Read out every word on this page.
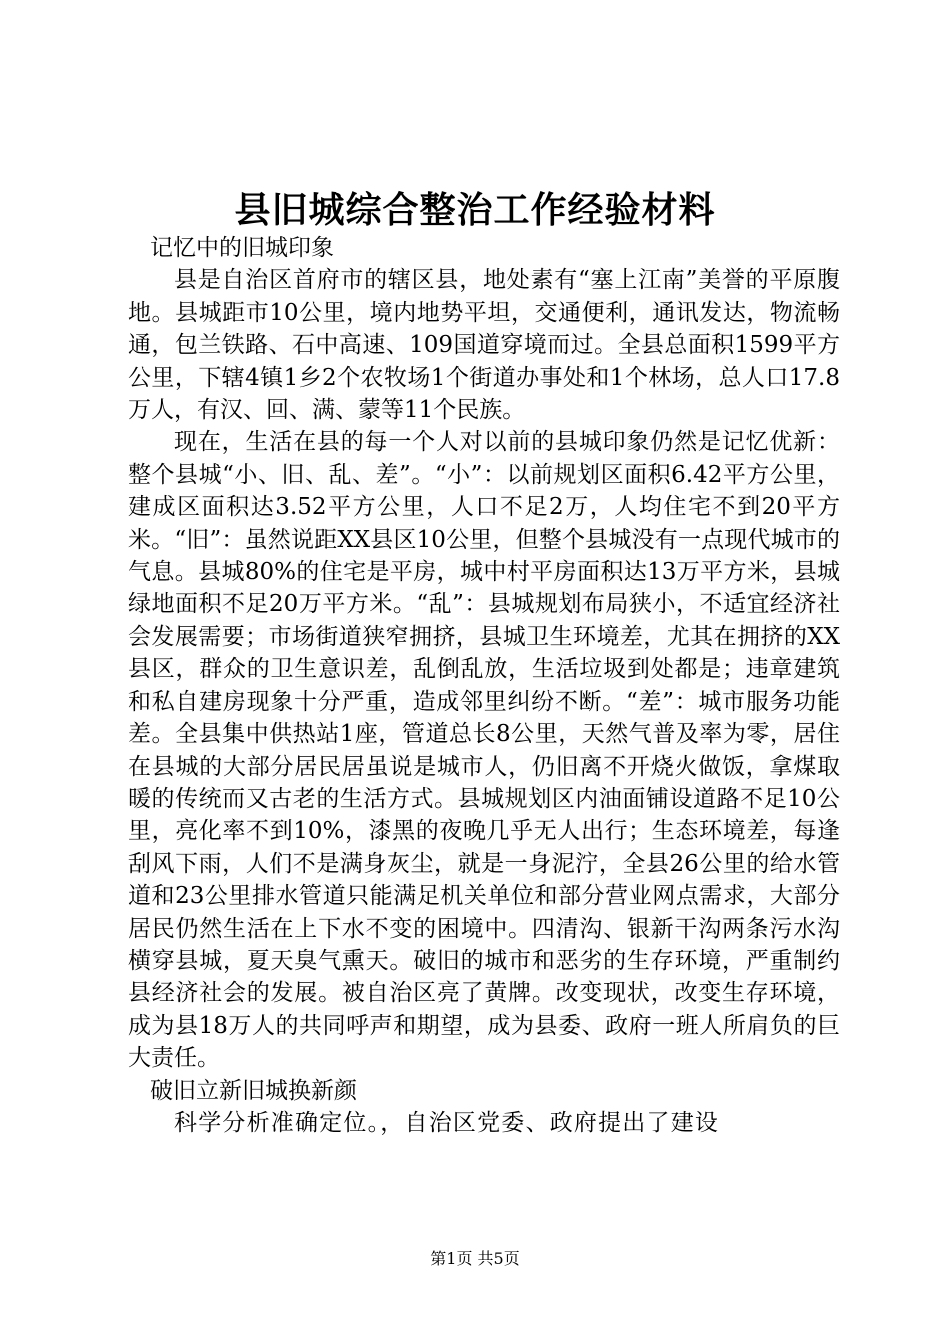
县旧城综合整治工作经验材料

记忆中的旧城印象

县是自治区首府市的辖区县，地处素有“塞上江南”美誉的平原腹地。县城距市10公里，境内地势平坦，交通便利，通讯发达，物流畅通，包兰铁路、石中高速、109国道穿境而过。全县总面积1599平方公里，下辖4镇1乡2个农牧场1个街道办事处和1个林场，总人口17.8万人，有汉、回、满、蒙等11个民族。

现在，生活在县的每一个人对以前的县城印象仍然是记忆优新：整个县城“小、旧、乱、差”。“小”：以前规划区面积6.42平方公里，建成区面积达3.52平方公里，人口不足2万，人均住宅不到20平方米。“旧”：虽然说距XX县区10公里，但整个县城没有一点现代城市的气息。县城80%的住宅是平房，城中村平房面积达13万平方米，县城绿地面积不足20万平方米。“乱”：县城规划布局狭小，不适宜经济社会发展需要；市场街道狭窄拥挤，县城卫生环境差，尤其在拥挤的XX县区，群众的卫生意识差，乱倒乱放，生活垃圾到处都是；违章建筑和私自建房现象十分严重，造成邻里纠纷不断。“差”：城市服务功能差。全县集中供热站1座，管道总长8公里，天然气普及率为零，居住在县城的大部分居民居虽说是城市人，仍旧离不开烧火做饭，拿煤取暖的传统而又古老的生活方式。县城规划区内油面铺设道路不足10公里，亮化率不到10%，漆黑的夜晚几乎无人出行；生态环境差，每逢刮风下雨，人们不是满身灰尘，就是一身泥泞，全县26公里的给水管道和23公里排水管道只能满足机关单位和部分营业网点需求，大部分居民仍然生活在上下水不变的困境中。四清沟、银新干沟两条污水沟横穿县城，夏天臭气熏天。破旧的城市和恶劣的生存环境，严重制约县经济社会的发展。被自治区亮了黄牌。改变现状，改变生存环境，成为县18万人的共同呼声和期望，成为县委、政府一班人所肩负的巨大责任。

破旧立新旧城换新颜

科学分析准确定位。，自治区党委、政府提出了建设

第1页 共5页
